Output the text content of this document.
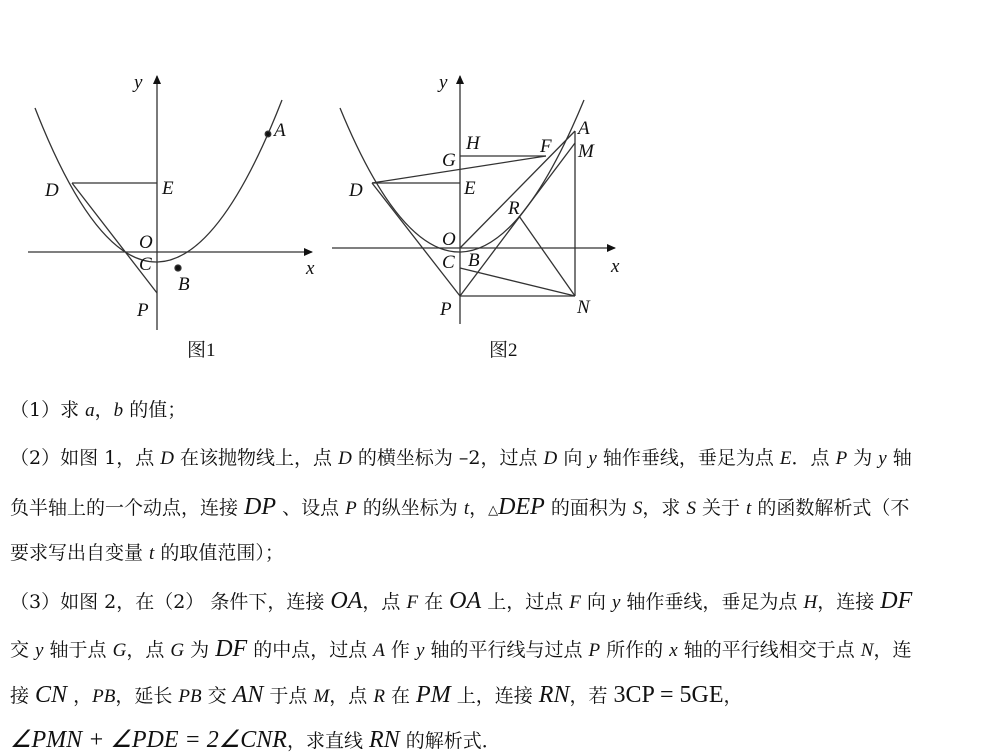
y
x
O
C
B
A
D	E
P
图1
y
x
O
C B
A
M
D	E
P	N
H
G
F
R
图2
（1）求 a，b 的值；
（2）如图 1，点 D 在该抛物线上，点 D 的横坐标为 –2，过点 D 向 y 轴作垂线，垂足为点 E．点 P 为 y 轴
负半轴上的一个动点，连接 DP 、设点 P 的纵坐标为 t，△DEP 的面积为 S，求 S 关于 t 的函数解析式（不
要求写出自变量 t 的取值范围）；
（3）如图 2，在（2） 条件下，连接 OA，点 F 在 OA 上，过点 F 向 y 轴作垂线，垂足为点 H，连接 DF
交 y 轴于点 G，点 G 为 DF 的中点，过点 A 作 y 轴的平行线与过点 P 所作的 x 轴的平行线相交于点 N，连
接 CN ，PB，延长 PB 交 AN 于点 M，点 R 在 PM 上，连接 RN，若 3CP = 5GE，
∠PMN + ∠PDE = 2∠CNR，求直线 RN 的解析式．
